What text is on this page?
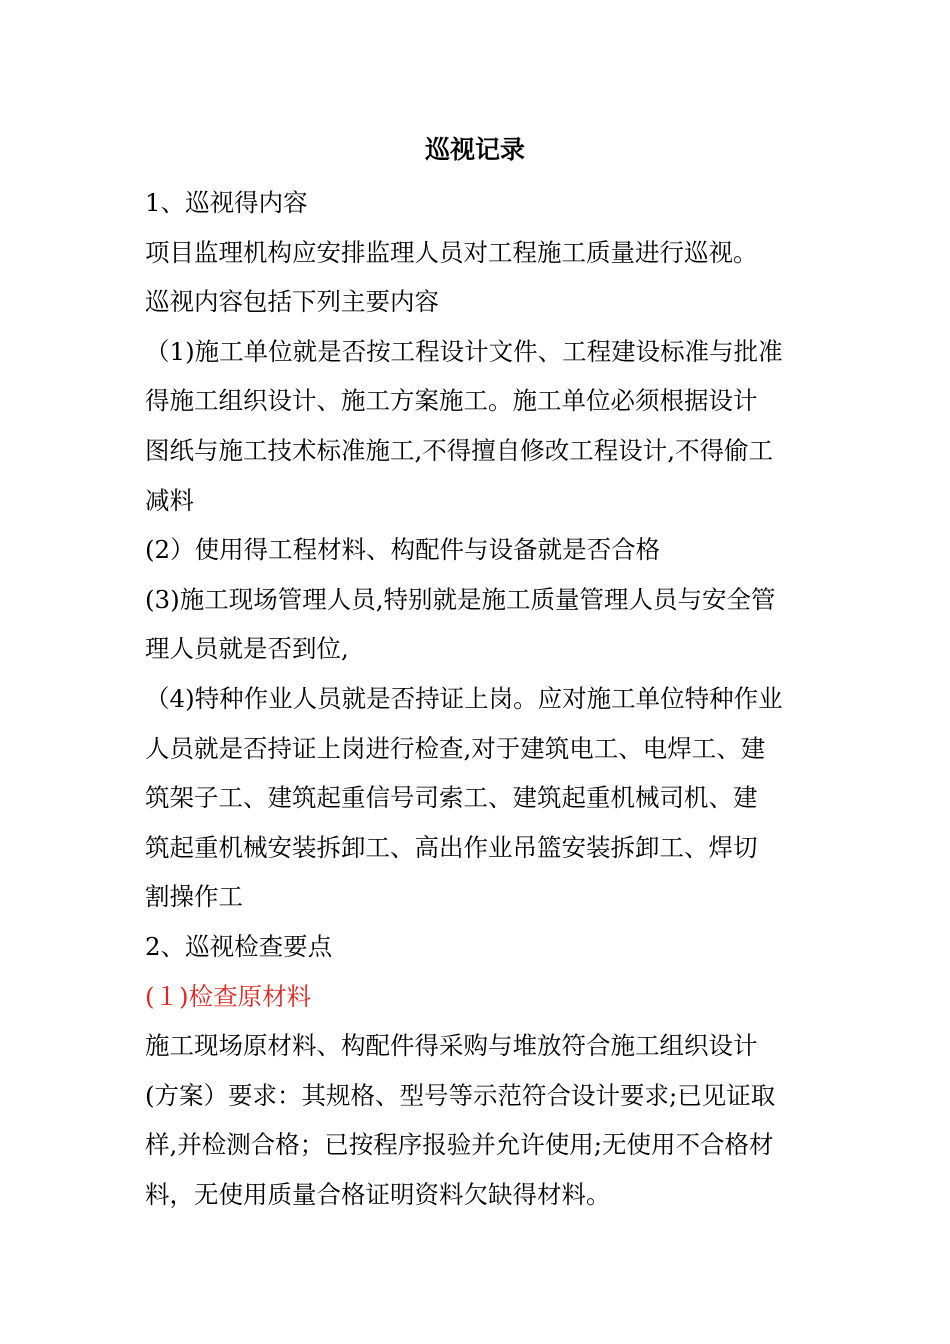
巡视记录
1、巡视得内容
项目监理机构应安排监理人员对工程施工质量进行巡视。
巡视内容包括下列主要内容
（1)施工单位就是否按工程设计文件、工程建设标准与批准
得施工组织设计、施工方案施工。施工单位必须根据设计
图纸与施工技术标准施工,不得擅自修改工程设计,不得偷工
减料
(2）使用得工程材料、构配件与设备就是否合格
(3)施工现场管理人员,特别就是施工质量管理人员与安全管
理人员就是否到位,
（4)特种作业人员就是否持证上岗。应对施工单位特种作业
人员就是否持证上岗进行检查,对于建筑电工、电焊工、建
筑架子工、建筑起重信号司索工、建筑起重机械司机、建
筑起重机械安装拆卸工、高出作业吊篮安装拆卸工、焊切
割操作工
2、巡视检查要点
(１)检查原材料
施工现场原材料、构配件得采购与堆放符合施工组织设计
(方案）要求：其规格、型号等示范符合设计要求;已见证取
样,并检测合格；已按程序报验并允许使用;无使用不合格材
料，无使用质量合格证明资料欠缺得材料。
